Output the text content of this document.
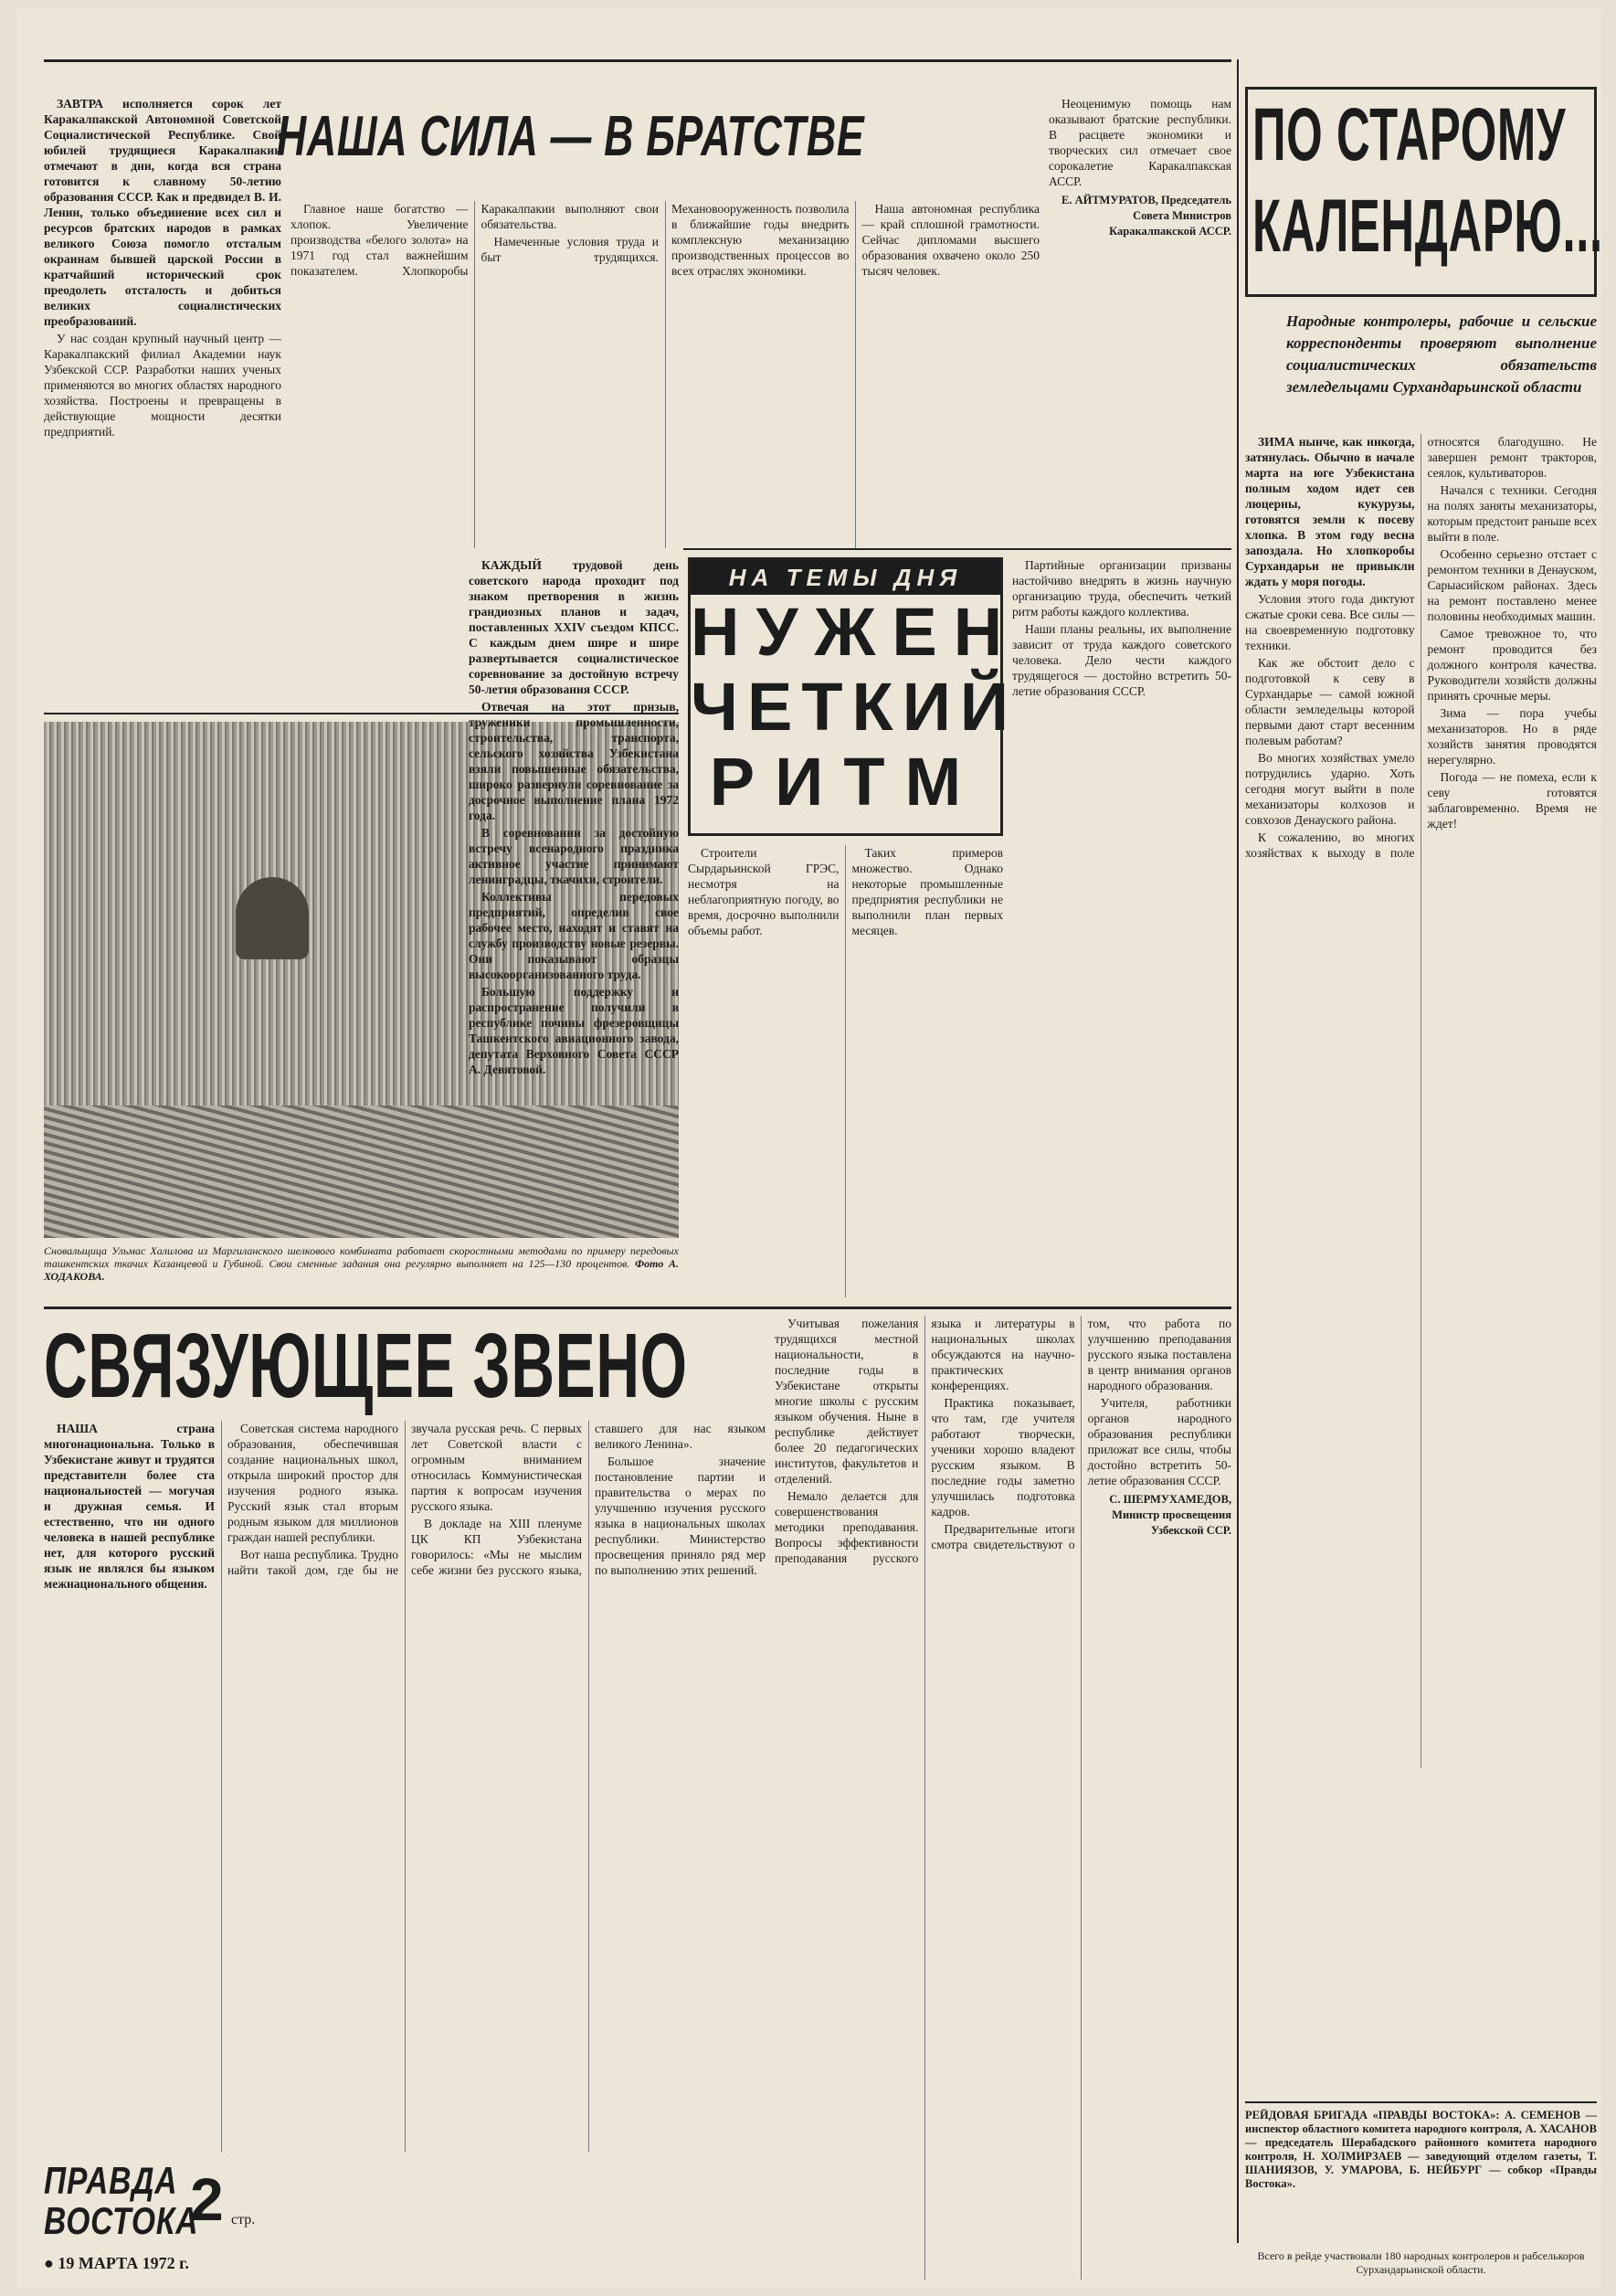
НАША СИЛА — В БРАТСТВЕ

ЗАВТРА исполняется сорок лет Каракалпакской Автономной Советской Социалистической Республике. Свой юбилей трудящиеся Каракалпакии отмечают в дни, когда вся страна готовится к славному 50-летию образования СССР. Как и предвидел В. И. Ленин, только объединение всех сил и ресурсов братских народов в рамках великого Союза помогло отсталым окраинам бывшей царской России в кратчайший исторический срок преодолеть отсталость и добиться великих социалистических преобразований.

У нас создан крупный научный центр — Каракалпакский филиал Академии наук Узбекской ССР. Разработки наших ученых применяются во многих областях народного хозяйства. Построены и превращены в действующие мощности десятки предприятий.

Главное наше богатство — хлопок. Увеличение производства «белого золота» на 1971 год стал важнейшим показателем. Хлопкоробы Каракалпакии выполняют свои обязательства.

Намеченные условия труда и быт трудящихся. Механовооруженность позволила в ближайшие годы внедрить комплексную механизацию производственных процессов во всех отраслях экономики.

Наша автономная республика — край сплошной грамотности. Сейчас дипломами высшего образования охвачено около 250 тысяч человек.

Неоценимую помощь нам оказывают братские республики. В расцвете экономики и творческих сил отмечает свое сорокалетие Каракалпакская АССР.

Е. АЙТМУРАТОВ, Председатель Совета Министров Каракалпакской АССР.

Сновальщица Ульмас Халилова из Маргиланского шелкового комбината работает скоростными методами по примеру передовых ташкентских ткачих Казанцевой и Губиной. Свои сменные задания она регулярно выполняет на 125—130 процентов. Фото А. ХОДАКОВА.
НА ТЕМЫ ДНЯ
НУЖЕН
ЧЕТКИЙ
РИТМ

КАЖДЫЙ трудовой день советского народа проходит под знаком претворения в жизнь грандиозных планов и задач, поставленных XXIV съездом КПСС. С каждым днем шире и шире развертывается социалистическое соревнование за достойную встречу 50-летия образования СССР.

Отвечая на этот призыв, труженики промышленности, строительства, транспорта, сельского хозяйства Узбекистана взяли повышенные обязательства, широко развернули соревнование за досрочное выполнение плана 1972 года.

В соревновании за достойную встречу всенародного праздника активное участие принимают ленинградцы, ткачихи, строители.

Коллективы передовых предприятий, определив свое рабочее место, находят и ставят на службу производству новые резервы. Они показывают образцы высокоорганизованного труда.

Большую поддержку и распространение получили в республике почины фрезеровщицы Ташкентского авиационного завода, депутата Верховного Совета СССР А. Девятовой.

Строители Сырдарьинской ГРЭС, несмотря на неблагоприятную погоду, во время, досрочно выполнили объемы работ.

Таких примеров множество. Однако некоторые промышленные предприятия республики не выполнили план первых месяцев.

Партийные организации призваны настойчиво внедрять в жизнь научную организацию труда, обеспечить четкий ритм работы каждого коллектива.

Наши планы реальны, их выполнение зависит от труда каждого советского человека. Дело чести каждого трудящегося — достойно встретить 50-летие образования СССР.

СВЯЗУЮЩЕЕ ЗВЕНО

НАША страна многонациональна. Только в Узбекистане живут и трудятся представители более ста национальностей — могучая и дружная семья. И естественно, что ни одного человека в нашей республике нет, для которого русский язык не являлся бы языком межнационального общения.

Советская система народного образования, обеспечившая создание национальных школ, открыла широкий простор для изучения родного языка. Русский язык стал вторым родным языком для миллионов граждан нашей республики.

Вот наша республика. Трудно найти такой дом, где бы не звучала русская речь. С первых лет Советской власти с огромным вниманием относилась Коммунистическая партия к вопросам изучения русского языка.

В докладе на XIII пленуме ЦК КП Узбекистана говорилось: «Мы не мыслим себе жизни без русского языка, ставшего для нас языком великого Ленина».

Большое значение постановление партии и правительства о мерах по улучшению изучения русского языка в национальных школах республики. Министерство просвещения приняло ряд мер по выполнению этих решений.

Учитывая пожелания трудящихся местной национальности, в последние годы в Узбекистане открыты многие школы с русским языком обучения. Ныне в республике действует более 20 педагогических институтов, факультетов и отделений.

Немало делается для совершенствования методики преподавания. Вопросы эффективности преподавания русского языка и литературы в национальных школах обсуждаются на научно-практических конференциях.

Практика показывает, что там, где учителя работают творчески, ученики хорошо владеют русским языком. В последние годы заметно улучшилась подготовка кадров.

Предварительные итоги смотра свидетельствуют о том, что работа по улучшению преподавания русского языка поставлена в центр внимания органов народного образования.

Учителя, работники органов народного образования республики приложат все силы, чтобы достойно встретить 50-летие образования СССР.

С. ШЕРМУХАМЕДОВ, Министр просвещения Узбекской ССР.

ПРАВДА
ВОСТОКА
2 стр.
● 19 МАРТА 1972 г.
ПО СТАРОМУ
КАЛЕНДАРЮ...
Народные контролеры, рабочие и сельские корреспонденты проверяют выполнение социалистических обязательств земледельцами Сурхандарьинской области

ЗИМА нынче, как никогда, затянулась. Обычно в начале марта на юге Узбекистана полным ходом идет сев люцерны, кукурузы, готовятся земли к посеву хлопка. В этом году весна запоздала. Но хлопкоробы Сурхандарьи не привыкли ждать у моря погоды.

Условия этого года диктуют сжатые сроки сева. Все силы — на своевременную подготовку техники.

Как же обстоит дело с подготовкой к севу в Сурхандарье — самой южной области земледельцы которой первыми дают старт весенним полевым работам?

Во многих хозяйствах умело потрудились ударно. Хоть сегодня могут выйти в поле механизаторы колхозов и совхозов Денауского района.

К сожалению, во многих хозяйствах к выходу в поле относятся благодушно. Не завершен ремонт тракторов, сеялок, культиваторов.

Начался с техники. Сегодня на полях заняты механизаторы, которым предстоит раньше всех выйти в поле.

Особенно серьезно отстает с ремонтом техники в Денауском, Сарыасийском районах. Здесь на ремонт поставлено менее половины необходимых машин.

Самое тревожное то, что ремонт проводится без должного контроля качества. Руководители хозяйств должны принять срочные меры.

Зима — пора учебы механизаторов. Но в ряде хозяйств занятия проводятся нерегулярно.

Погода — не помеха, если к севу готовятся заблаговременно. Время не ждет!

РЕЙДОВАЯ БРИГАДА «ПРАВДЫ ВОСТОКА»: А. СЕМЕНОВ — инспектор областного комитета народного контроля, А. ХАСАНОВ — председатель Шерабадского районного комитета народного контроля, Н. ХОЛМИРЗАЕВ — заведующий отделом газеты, Т. ШАНИЯЗОВ, У. УМАРОВА, Б. НЕЙБУРГ — собкор «Правды Востока».
Всего в рейде участвовали 180 народных контролеров и рабселькоров Сурхандарьинской области.
